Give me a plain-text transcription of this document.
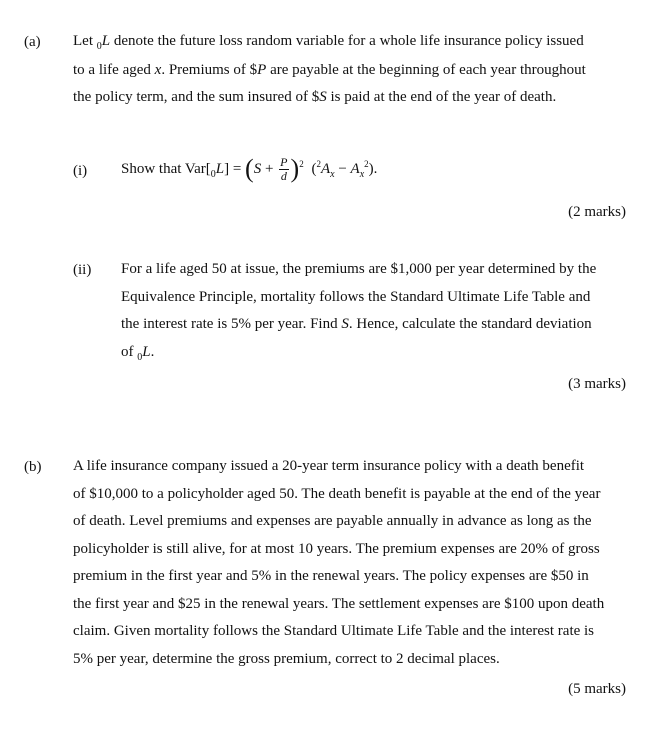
(a) Let $_0$L denote the future loss random variable for a whole life insurance policy issued
to a life aged x. Premiums of $P are payable at the beginning of each year throughout
the policy term, and the sum insured of $S is paid at the end of the year of death.
(i) Show that $Var[_0L] = (S + \frac{P}{d} )^2$ $(^2A_x - A_x^2)$.
(2 marks)
(ii) For a life aged 50 at issue, the premiums are $1,000 per year determined by the
Equivalence Principle, mortality follows the Standard Ultimate Life Table and
the interest rate is 5% per year. Find S. Hence, calculate the standard deviation
of $_0$L.
(3 marks)
(b) A life insurance company issued a 20-year term insurance policy with a death benefit
of $10,000 to a policyholder aged 50. The death benefit is payable at the end of the year
of death. Level premiums and expenses are payable annually in advance as long as the
policyholder is still alive, for at most 10 years. The premium expenses are 20% of gross
premium in the first year and 5% in the renewal years. The policy expenses are $50 in
the first year and $25 in the renewal years. The settlement expenses are $100 upon death
claim. Given mortality follows the Standard Ultimate Life Table and the interest rate is
5% per year, determine the gross premium, correct to 2 decimal places.
(5 marks)
